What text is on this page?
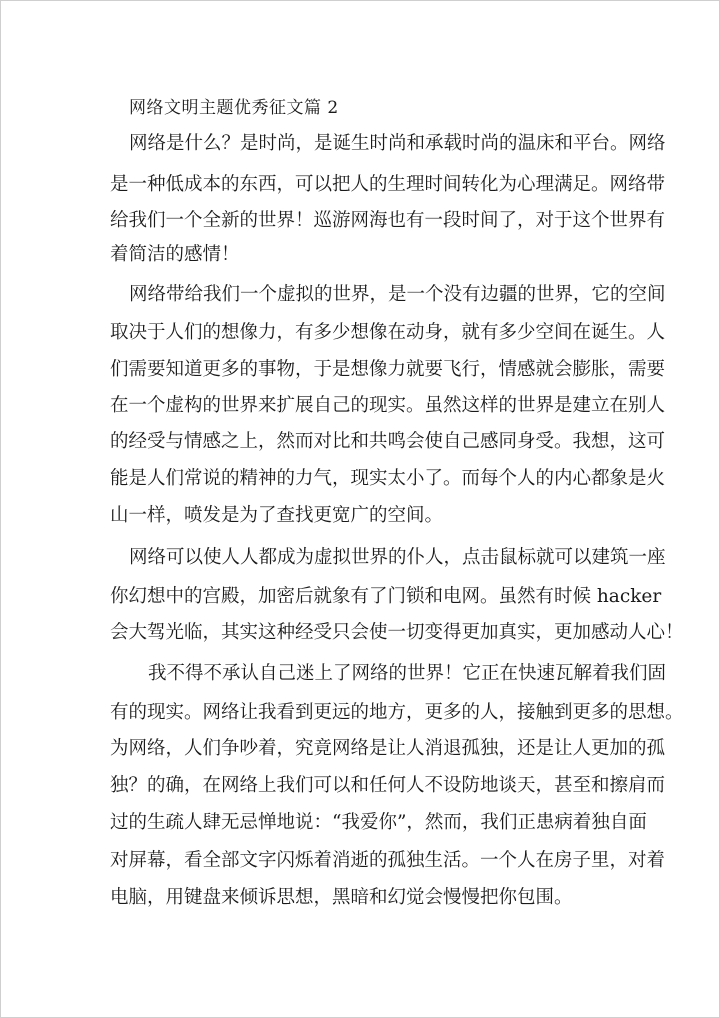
网络文明主题优秀征文篇 2
网络是什么？是时尚，是诞生时尚和承载时尚的温床和平台。网络
是一种低成本的东西，可以把人的生理时间转化为心理满足。网络带
给我们一个全新的世界！巡游网海也有一段时间了，对于这个世界有
着简洁的感情！
网络带给我们一个虚拟的世界，是一个没有边疆的世界，它的空间
取决于人们的想像力，有多少想像在动身，就有多少空间在诞生。人
们需要知道更多的事物，于是想像力就要飞行，情感就会膨胀，需要
在一个虚构的世界来扩展自己的现实。虽然这样的世界是建立在别人
的经受与情感之上，然而对比和共鸣会使自己感同身受。我想，这可
能是人们常说的精神的力气，现实太小了。而每个人的内心都象是火
山一样，喷发是为了查找更宽广的空间。
网络可以使人人都成为虚拟世界的仆人，点击鼠标就可以建筑一座
你幻想中的宫殿，加密后就象有了门锁和电网。虽然有时候 hacker
会大驾光临，其实这种经受只会使一切变得更加真实，更加感动人心！
我不得不承认自己迷上了网络的世界！它正在快速瓦解着我们固
有的现实。网络让我看到更远的地方，更多的人，接触到更多的思想。
为网络，人们争吵着，究竟网络是让人消退孤独，还是让人更加的孤
独？的确，在网络上我们可以和任何人不设防地谈天，甚至和擦肩而
过的生疏人肆无忌惮地说：“我爱你”，然而，我们正患病着独自面
对屏幕，看全部文字闪烁着消逝的孤独生活。一个人在房子里，对着
电脑，用键盘来倾诉思想，黑暗和幻觉会慢慢把你包围。
